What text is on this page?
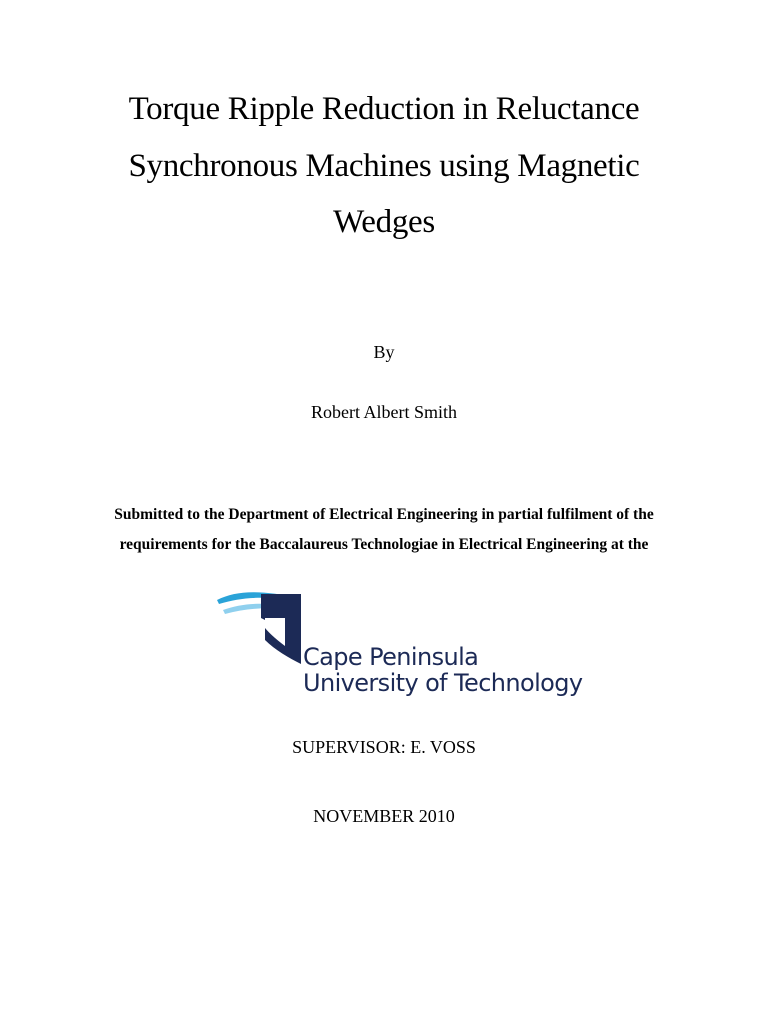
Torque Ripple Reduction in Reluctance
Synchronous Machines using Magnetic
Wedges
By
Robert Albert Smith
Submitted to the Department of Electrical Engineering in partial fulfilment of the
requirements for the Baccalaureus Technologiae in Electrical Engineering at the
Cape Peninsula
University of Technology
SUPERVISOR: E. VOSS
NOVEMBER 2010
